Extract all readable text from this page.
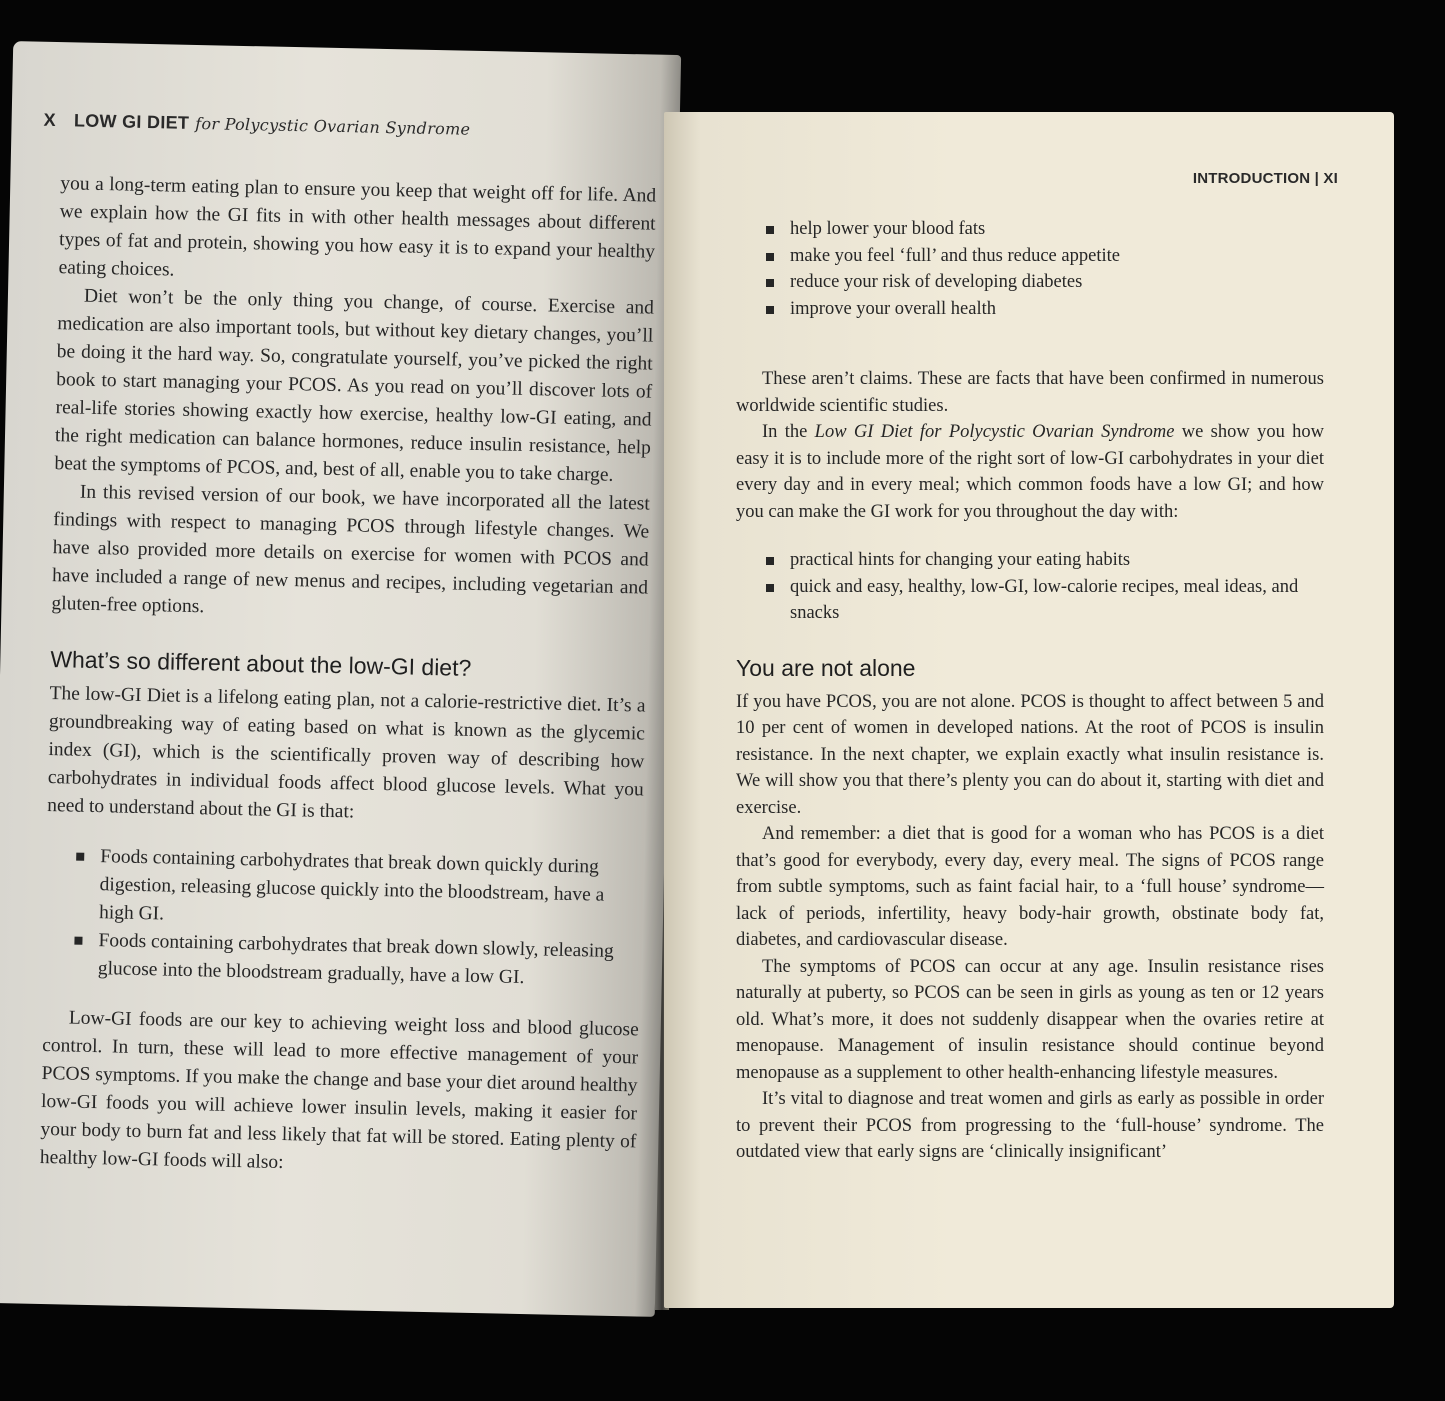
X LOW GI DIET for Polycystic Ovarian Syndrome

you a long-term eating plan to ensure you keep that weight off for life. And we explain how the GI fits in with other health messages about different types of fat and protein, showing you how easy it is to expand your healthy eating choices.

Diet won’t be the only thing you change, of course. Exercise and medication are also important tools, but without key dietary changes, you’ll be doing it the hard way. So, congratulate yourself, you’ve picked the right book to start managing your PCOS. As you read on you’ll discover lots of real-life stories showing exactly how exercise, healthy low-GI eating, and the right medication can balance hormones, reduce insulin resistance, help beat the symptoms of PCOS, and, best of all, enable you to take charge.

In this revised version of our book, we have incorporated all the latest findings with respect to managing PCOS through lifestyle changes. We have also provided more details on exercise for women with PCOS and have included a range of new menus and recipes, including vegetarian and gluten-free options.

What’s so different about the low-GI diet?

The low-GI Diet is a lifelong eating plan, not a calorie-restrictive diet. It’s a groundbreaking way of eating based on what is known as the glycemic index (GI), which is the scientifically proven way of describing how carbohydrates in individual foods affect blood glucose levels. What you need to understand about the GI is that:

Foods containing carbohydrates that break down quickly during digestion, releasing glucose quickly into the bloodstream, have a high GI.
Foods containing carbohydrates that break down slowly, releasing glucose into the bloodstream gradually, have a low GI.

Low-GI foods are our key to achieving weight loss and blood glucose control. In turn, these will lead to more effective management of your PCOS symptoms. If you make the change and base your diet around healthy low-GI foods you will achieve lower insulin levels, making it easier for your body to burn fat and less likely that fat will be stored. Eating plenty of healthy low-GI foods will also:

INTRODUCTION | XI
help lower your blood fats
make you feel ‘full’ and thus reduce appetite
reduce your risk of developing diabetes
improve your overall health

These aren’t claims. These are facts that have been confirmed in numerous worldwide scientific studies.

In the Low GI Diet for Polycystic Ovarian Syndrome we show you how easy it is to include more of the right sort of low-GI carbohydrates in your diet every day and in every meal; which common foods have a low GI; and how you can make the GI work for you throughout the day with:

practical hints for changing your eating habits
quick and easy, healthy, low-GI, low-calorie recipes, meal ideas, and snacks
You are not alone

If you have PCOS, you are not alone. PCOS is thought to affect between 5 and 10 per cent of women in developed nations. At the root of PCOS is insulin resistance. In the next chapter, we explain exactly what insulin resistance is. We will show you that there’s plenty you can do about it, starting with diet and exercise.

And remember: a diet that is good for a woman who has PCOS is a diet that’s good for everybody, every day, every meal. The signs of PCOS range from subtle symptoms, such as faint facial hair, to a ‘full house’ syndrome—lack of periods, infertility, heavy body-hair growth, obstinate body fat, diabetes, and cardiovascular disease.

The symptoms of PCOS can occur at any age. Insulin resistance rises naturally at puberty, so PCOS can be seen in girls as young as ten or 12 years old. What’s more, it does not suddenly disappear when the ovaries retire at menopause. Management of insulin resistance should continue beyond menopause as a supplement to other health-enhancing lifestyle measures.

It’s vital to diagnose and treat women and girls as early as possible in order to prevent their PCOS from progressing to the ‘full-house’ syndrome. The outdated view that early signs are ‘clinically insignificant’
